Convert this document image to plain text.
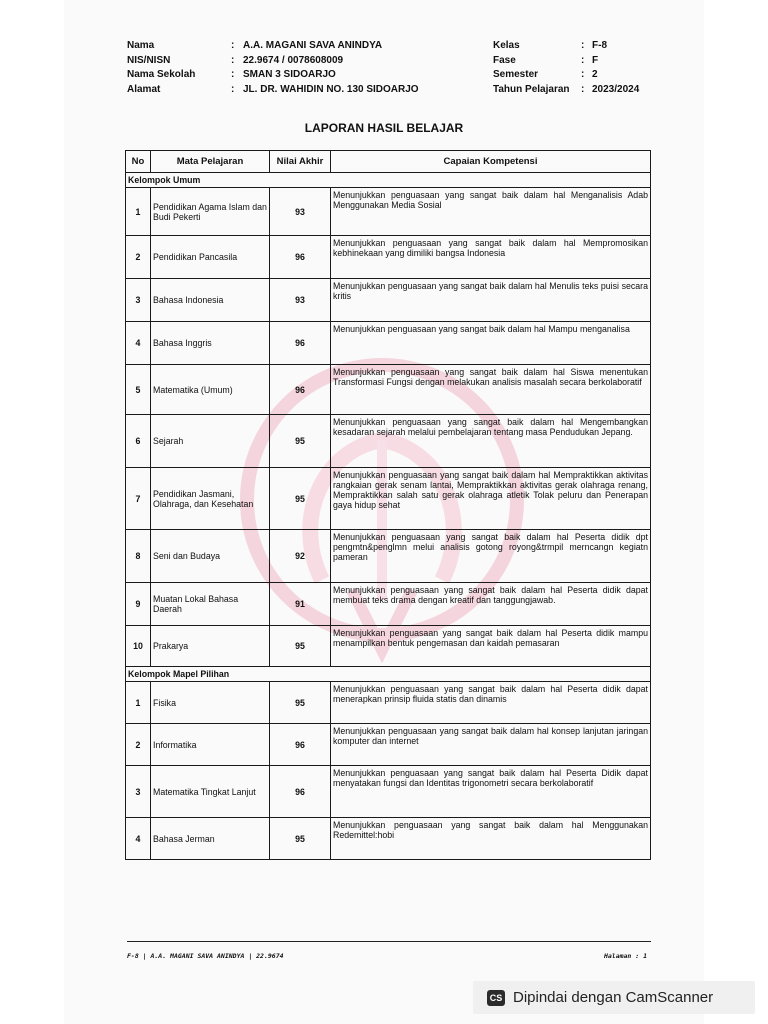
Nama	: A.A. MAGANI SAVA ANINDYA
NIS/NISN	: 22.9674 / 0078608009
Nama Sekolah	: SMAN 3 SIDOARJO
Alamat	: JL. DR. WAHIDIN NO. 130 SIDOARJO
Kelas	: F-8
Fase	: F
Semester	: 2
Tahun Pelajaran	: 2023/2024
LAPORAN HASIL BELAJAR
No	Mata Pelajaran	Nilai Akhir	Capaian Kompetensi
Kelompok Umum			
1	Pendidikan Agama Islam dan Budi Pekerti	93	Menunjukkan penguasaan yang sangat baik dalam hal Menganalisis Adab Menggunakan Media Sosial
2	Pendidikan Pancasila	96	Menunjukkan penguasaan yang sangat baik dalam hal Mempromosikan kebhinekaan yang dimiliki bangsa Indonesia
3	Bahasa Indonesia	93	Menunjukkan penguasaan yang sangat baik dalam hal Menulis teks puisi secara kritis
4	Bahasa Inggris	96	Menunjukkan penguasaan yang sangat baik dalam hal Mampu menganalisa
5	Matematika (Umum)	96	Menunjukkan penguasaan yang sangat baik dalam hal Siswa menentukan Transformasi Fungsi dengan melakukan analisis masalah secara berkolaboratif
6	Sejarah	95	Menunjukkan penguasaan yang sangat baik dalam hal Mengembangkan kesadaran sejarah melalui pembelajaran tentang masa Pendudukan Jepang.
7	Pendidikan Jasmani, Olahraga, dan Kesehatan	95	Menunjukkan penguasaan yang sangat baik dalam hal Mempraktikkan aktivitas rangkaian gerak senam lantai, Mempraktikkan aktivitas gerak olahraga renang, Mempraktikkan salah satu gerak olahraga atletik Tolak peluru dan Penerapan gaya hidup sehat
8	Seni dan Budaya	92	Menunjukkan penguasaan yang sangat baik dalam hal Peserta didik dpt pengmtn&penglmn melui analisis gotong royong&trmpil merncangn kegiatn pameran
9	Muatan Lokal Bahasa Daerah	91	Menunjukkan penguasaan yang sangat baik dalam hal Peserta didik dapat membuat teks drama dengan kreatif dan tanggungjawab.
10	Prakarya	95	Menunjukkan penguasaan yang sangat baik dalam hal Peserta didik mampu menampilkan bentuk pengemasan dan kaidah pemasaran
Kelompok Mapel Pilihan			
1	Fisika	95	Menunjukkan penguasaan yang sangat baik dalam hal Peserta didik dapat menerapkan prinsip fluida statis dan dinamis
2	Informatika	96	Menunjukkan penguasaan yang sangat baik dalam hal konsep lanjutan jaringan komputer dan internet
3	Matematika Tingkat Lanjut	96	Menunjukkan penguasaan yang sangat baik dalam hal Peserta Didik dapat menyatakan fungsi dan Identitas trigonometri secara berkolaboratif
4	Bahasa Jerman	95	Menunjukkan penguasaan yang sangat baik dalam hal Menggunakan Redemittel:hobi
F-8 | A.A. MAGANI SAVA ANINDYA | 22.9674	Halaman : 1
CS Dipindai dengan CamScanner
